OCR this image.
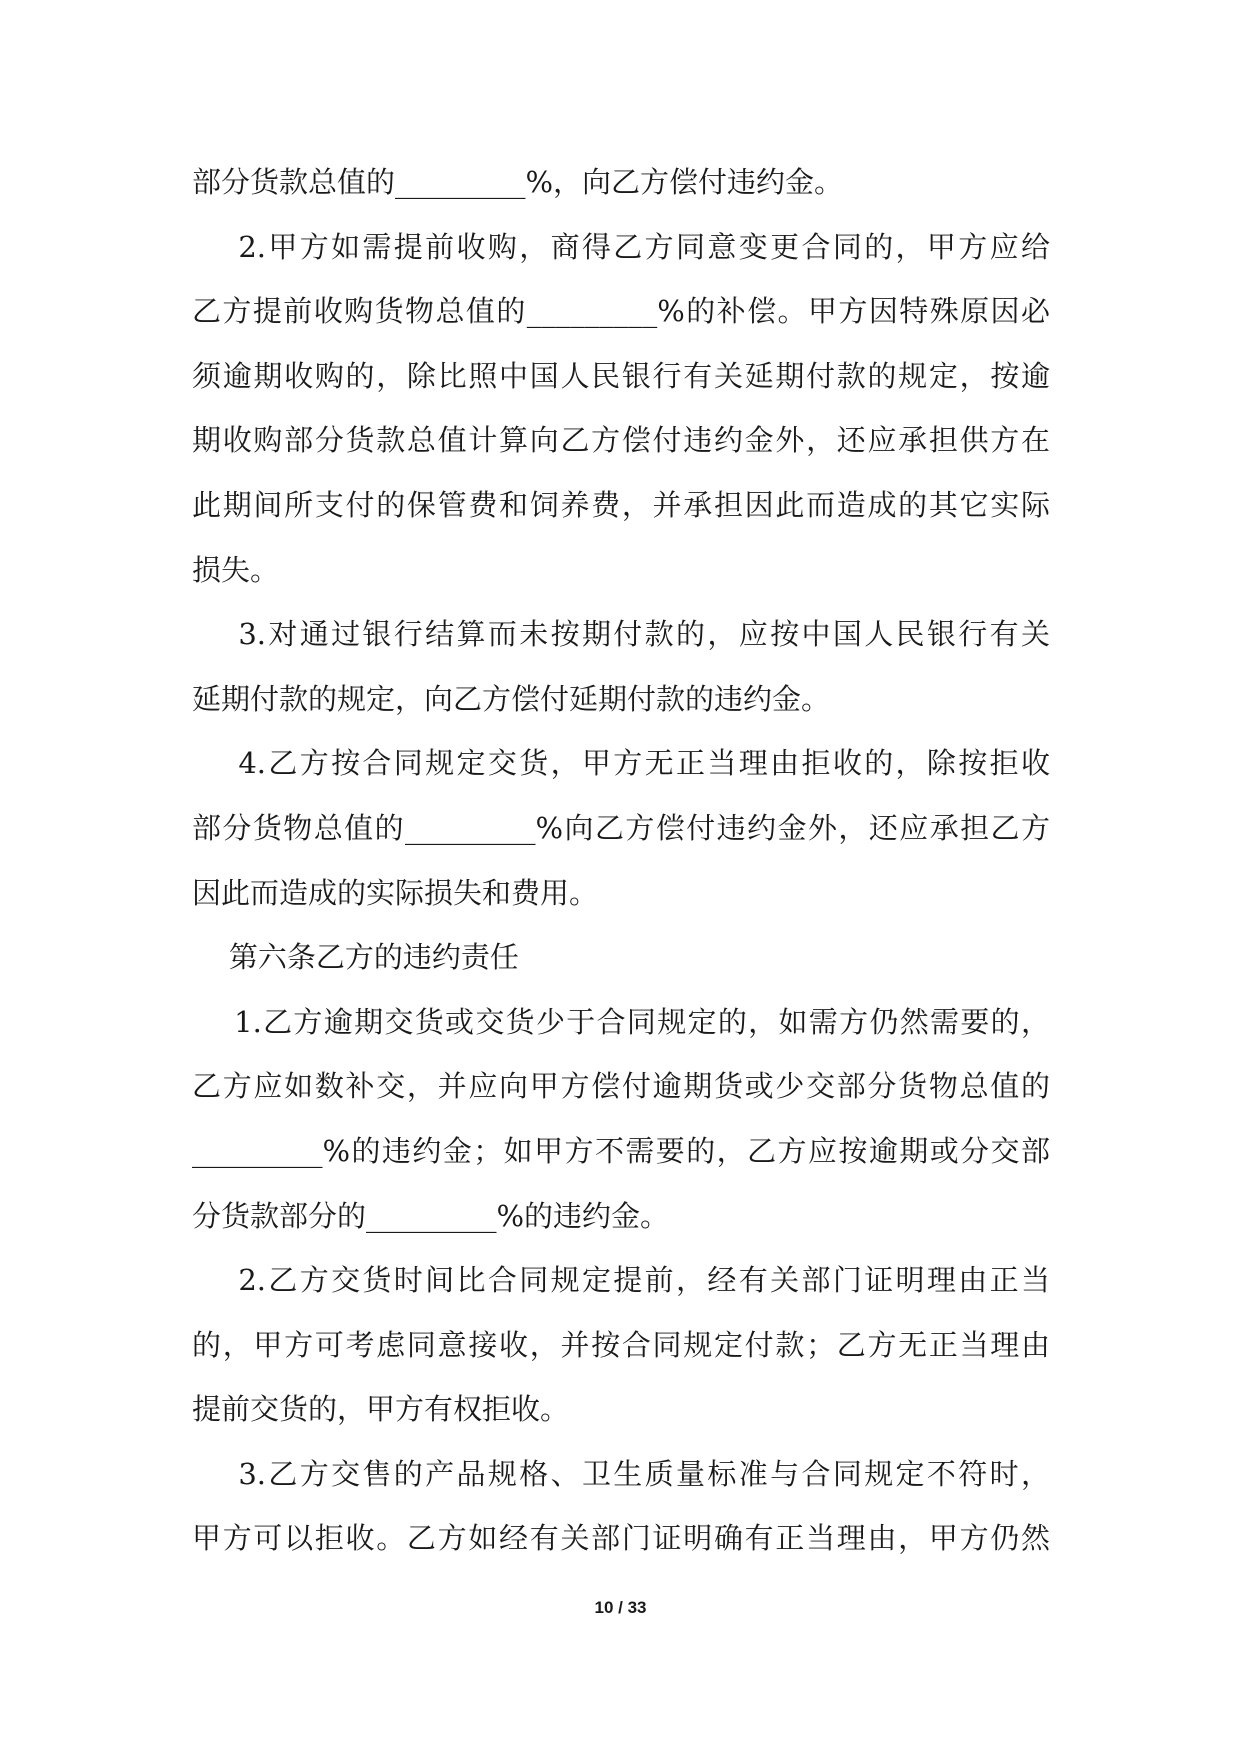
部分货款总值的_________%，向乙方偿付违约金。
2.甲方如需提前收购，商得乙方同意变更合同的，甲方应给
乙方提前收购货物总值的_________%的补偿。甲方因特殊原因必
须逾期收购的，除比照中国人民银行有关延期付款的规定，按逾
期收购部分货款总值计算向乙方偿付违约金外，还应承担供方在
此期间所支付的保管费和饲养费，并承担因此而造成的其它实际
损失。
3.对通过银行结算而未按期付款的，应按中国人民银行有关
延期付款的规定，向乙方偿付延期付款的违约金。
4.乙方按合同规定交货，甲方无正当理由拒收的，除按拒收
部分货物总值的_________%向乙方偿付违约金外，还应承担乙方
因此而造成的实际损失和费用。
第六条乙方的违约责任
1.乙方逾期交货或交货少于合同规定的，如需方仍然需要的，
乙方应如数补交，并应向甲方偿付逾期货或少交部分货物总值的
_________%的违约金；如甲方不需要的，乙方应按逾期或分交部
分货款部分的_________%的违约金。
2.乙方交货时间比合同规定提前，经有关部门证明理由正当
的，甲方可考虑同意接收，并按合同规定付款；乙方无正当理由
提前交货的，甲方有权拒收。
3.乙方交售的产品规格、卫生质量标准与合同规定不符时，
甲方可以拒收。乙方如经有关部门证明确有正当理由，甲方仍然
10 / 33
